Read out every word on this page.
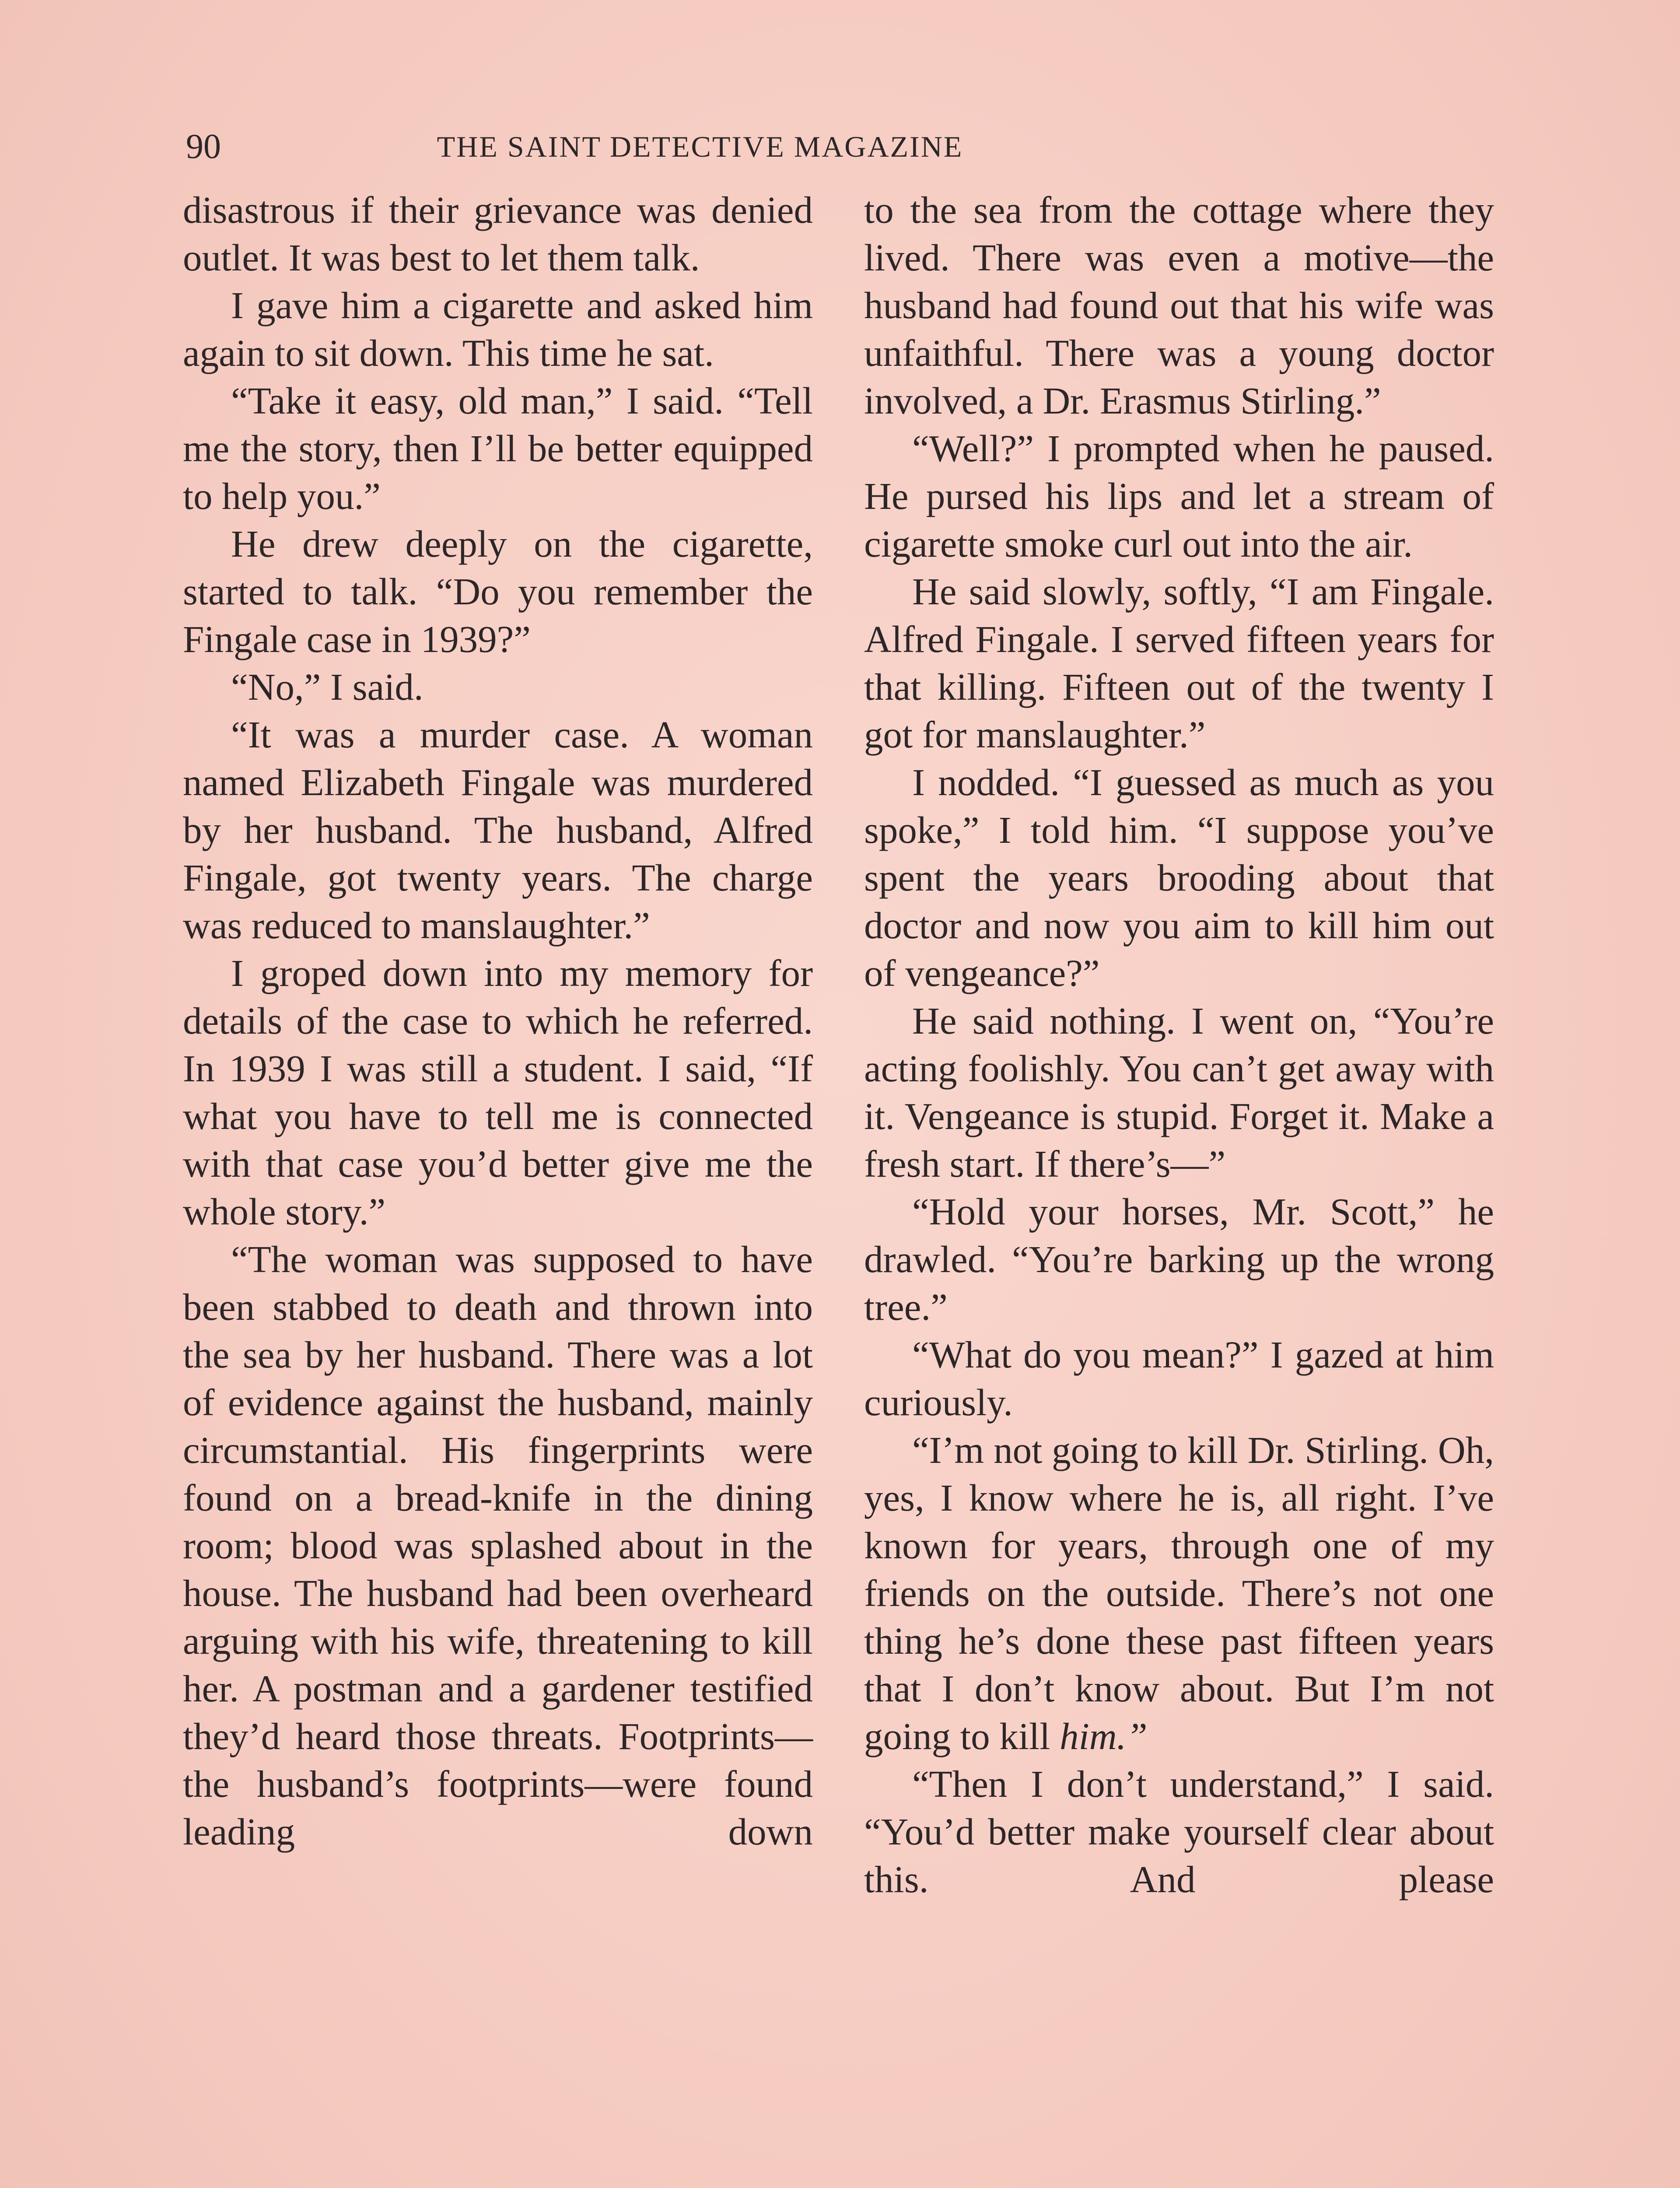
90	THE SAINT DETECTIVE MAGAZINE

disastrous if their grievance was denied outlet. It was best to let them talk.

I gave him a cigarette and asked him again to sit down. This time he sat.

“Take it easy, old man,” I said. “Tell me the story, then I’ll be better equipped to help you.”

He drew deeply on the cigarette, started to talk. “Do you remember the Fingale case in 1939?”

“No,” I said.

“It was a murder case. A woman named Elizabeth Fingale was murdered by her husband. The husband, Alfred Fingale, got twenty years. The charge was reduced to manslaughter.”

I groped down into my memory for details of the case to which he referred. In 1939 I was still a student. I said, “If what you have to tell me is connected with that case you’d better give me the whole story.”

“The woman was supposed to have been stabbed to death and thrown into the sea by her husband. There was a lot of evidence against the husband, mainly circumstantial. His fingerprints were found on a bread-knife in the dining room; blood was splashed about in the house. The husband had been overheard arguing with his wife, threatening to kill her. A postman and a gardener testified they’d heard those threats. Footprints—the husband’s footprints—were found leading down

to the sea from the cottage where they lived. There was even a motive—the husband had found out that his wife was unfaithful. There was a young doctor involved, a Dr. Erasmus Stirling.”

“Well?” I prompted when he paused. He pursed his lips and let a stream of cigarette smoke curl out into the air.

He said slowly, softly, “I am Fingale. Alfred Fingale. I served fifteen years for that killing. Fifteen out of the twenty I got for manslaughter.”

I nodded. “I guessed as much as you spoke,” I told him. “I suppose you’ve spent the years brooding about that doctor and now you aim to kill him out of vengeance?”

He said nothing. I went on, “You’re acting foolishly. You can’t get away with it. Vengeance is stupid. Forget it. Make a fresh start. If there’s—”

“Hold your horses, Mr. Scott,” he drawled. “You’re barking up the wrong tree.”

“What do you mean?” I gazed at him curiously.

“I’m not going to kill Dr. Stirling. Oh, yes, I know where he is, all right. I’ve known for years, through one of my friends on the outside. There’s not one thing he’s done these past fifteen years that I don’t know about. But I’m not going to kill him.”

“Then I don’t understand,” I said. “You’d better make yourself clear about this. And please
